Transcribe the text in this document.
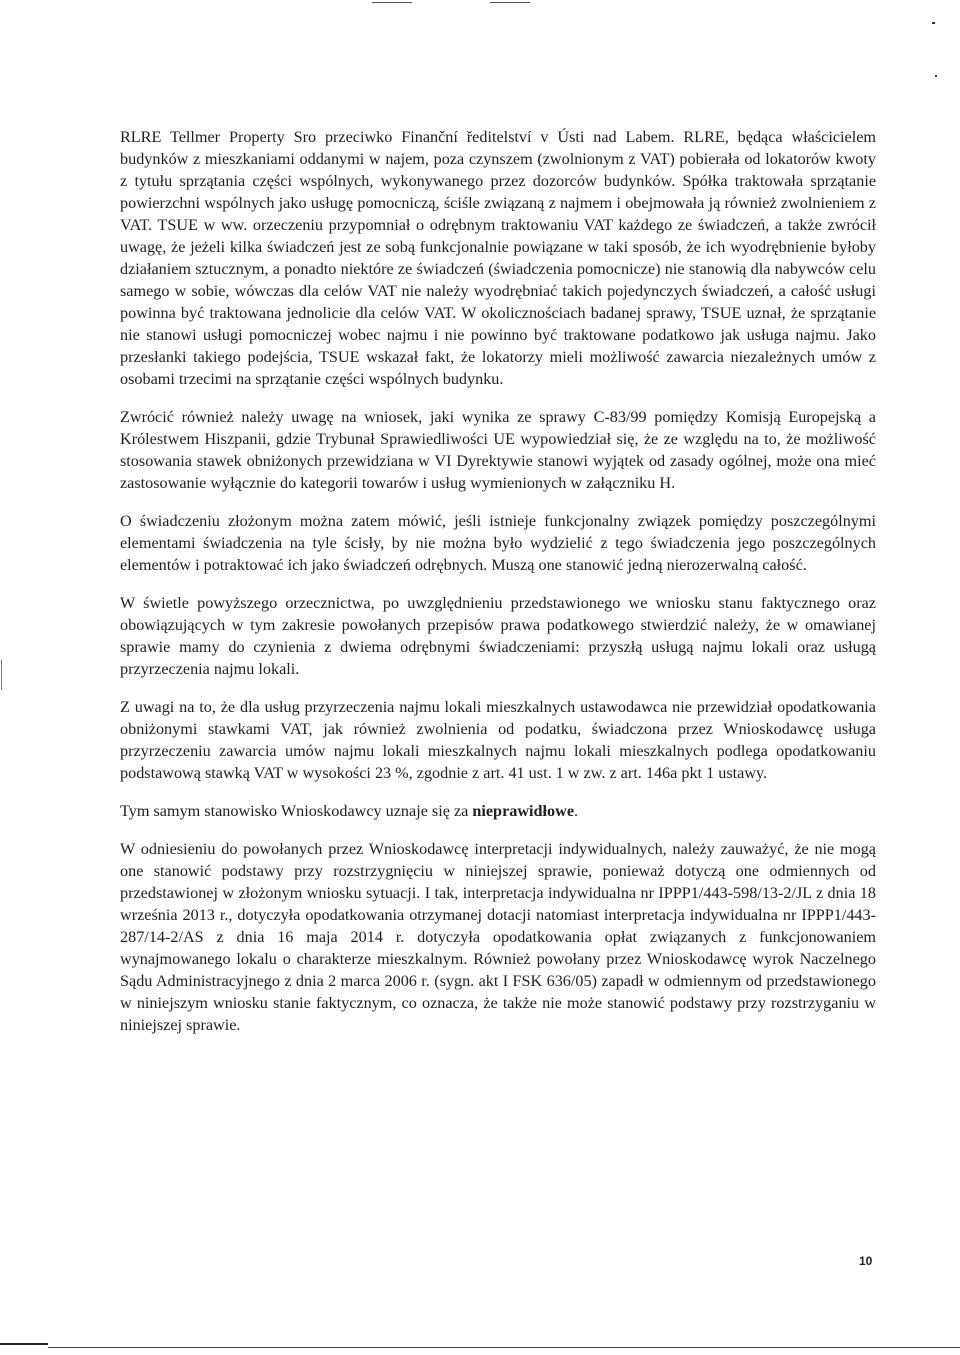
RLRE Tellmer Property Sro przeciwko Finanční ředitelství v Ústi nad Labem. RLRE, będąca właścicielem budynków z mieszkaniami oddanymi w najem, poza czynszem (zwolnionym z VAT) pobierała od lokatorów kwoty z tytułu sprzątania części wspólnych, wykonywanego przez dozorców budynków. Spółka traktowała sprzątanie powierzchni wspólnych jako usługę pomocniczą, ściśle związaną z najmem i obejmowała ją również zwolnieniem z VAT. TSUE w ww. orzeczeniu przypomniał o odrębnym traktowaniu VAT każdego ze świadczeń, a także zwrócił uwagę, że jeżeli kilka świadczeń jest ze sobą funkcjonalnie powiązane w taki sposób, że ich wyodrębnienie byłoby działaniem sztucznym, a ponadto niektóre ze świadczeń (świadczenia pomocnicze) nie stanowią dla nabywców celu samego w sobie, wówczas dla celów VAT nie należy wyodrębniać takich pojedynczych świadczeń, a całość usługi powinna być traktowana jednolicie dla celów VAT. W okolicznościach badanej sprawy, TSUE uznał, że sprzątanie nie stanowi usługi pomocniczej wobec najmu i nie powinno być traktowane podatkowo jak usługa najmu. Jako przesłanki takiego podejścia, TSUE wskazał fakt, że lokatorzy mieli możliwość zawarcia niezależnych umów z osobami trzecimi na sprzątanie części wspólnych budynku.

Zwrócić również należy uwagę na wniosek, jaki wynika ze sprawy C-83/99 pomiędzy Komisją Europejską a Królestwem Hiszpanii, gdzie Trybunał Sprawiedliwości UE wypowiedział się, że ze względu na to, że możliwość stosowania stawek obniżonych przewidziana w VI Dyrektywie stanowi wyjątek od zasady ogólnej, może ona mieć zastosowanie wyłącznie do kategorii towarów i usług wymienionych w załączniku H.

O świadczeniu złożonym można zatem mówić, jeśli istnieje funkcjonalny związek pomiędzy poszczególnymi elementami świadczenia na tyle ścisły, by nie można było wydzielić z tego świadczenia jego poszczególnych elementów i potraktować ich jako świadczeń odrębnych. Muszą one stanowić jedną nierozerwalną całość.

W świetle powyższego orzecznictwa, po uwzględnieniu przedstawionego we wniosku stanu faktycznego oraz obowiązujących w tym zakresie powołanych przepisów prawa podatkowego stwierdzić należy, że w omawianej sprawie mamy do czynienia z dwiema odrębnymi świadczeniami: przyszłą usługą najmu lokali oraz usługą przyrzeczenia najmu lokali.

Z uwagi na to, że dla usług przyrzeczenia najmu lokali mieszkalnych ustawodawca nie przewidział opodatkowania obniżonymi stawkami VAT, jak również zwolnienia od podatku, świadczona przez Wnioskodawcę usługa przyrzeczeniu zawarcia umów najmu lokali mieszkalnych najmu lokali mieszkalnych podlega opodatkowaniu podstawową stawką VAT w wysokości 23 %, zgodnie z art. 41 ust. 1 w zw. z art. 146a pkt 1 ustawy.

Tym samym stanowisko Wnioskodawcy uznaje się za nieprawidłowe.

W odniesieniu do powołanych przez Wnioskodawcę interpretacji indywidualnych, należy zauważyć, że nie mogą one stanowić podstawy przy rozstrzygnięciu w niniejszej sprawie, ponieważ dotyczą one odmiennych od przedstawionej w złożonym wniosku sytuacji. I tak, interpretacja indywidualna nr IPPP1/443-598/13-2/JL z dnia 18 września 2013 r., dotyczyła opodatkowania otrzymanej dotacji natomiast interpretacja indywidualna nr IPPP1/443-287/14-2/AS z dnia 16 maja 2014 r. dotyczyła opodatkowania opłat związanych z funkcjonowaniem wynajmowanego lokalu o charakterze mieszkalnym. Również powołany przez Wnioskodawcę wyrok Naczelnego Sądu Administracyjnego z dnia 2 marca 2006 r. (sygn. akt I FSK 636/05) zapadł w odmiennym od przedstawionego w niniejszym wniosku stanie faktycznym, co oznacza, że także nie może stanowić podstawy przy rozstrzyganiu w niniejszej sprawie.

10
